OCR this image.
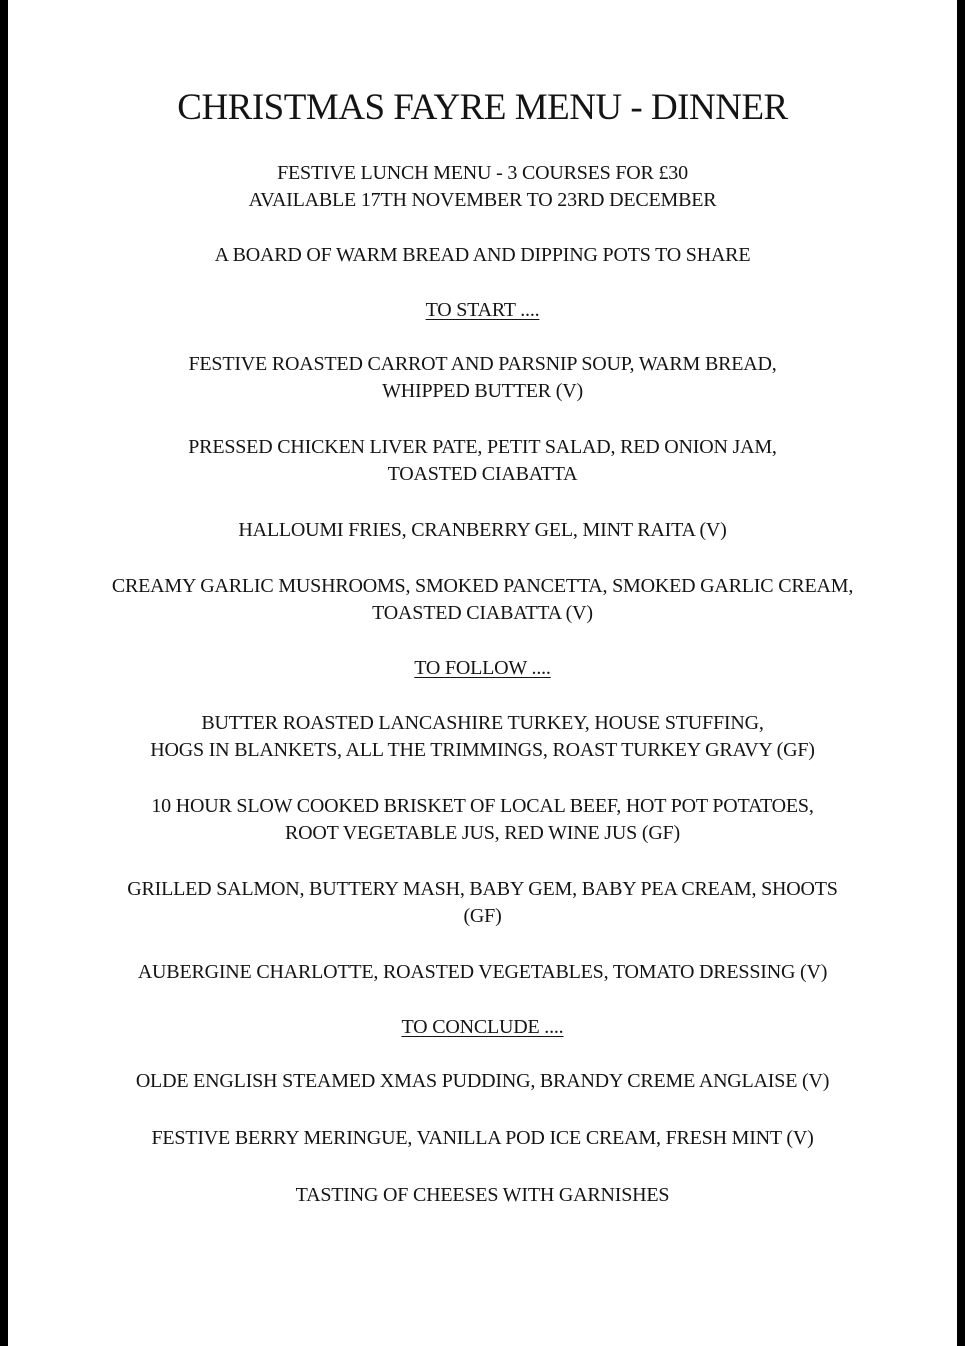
CHRISTMAS FAYRE MENU - DINNER
FESTIVE LUNCH MENU - 3 COURSES FOR £30
AVAILABLE 17TH NOVEMBER TO 23RD DECEMBER
A BOARD OF WARM BREAD AND DIPPING POTS TO SHARE
TO START ....
FESTIVE ROASTED CARROT AND PARSNIP SOUP, WARM BREAD,
WHIPPED BUTTER (V)
PRESSED CHICKEN LIVER PATE, PETIT SALAD, RED ONION JAM,
TOASTED CIABATTA
HALLOUMI FRIES, CRANBERRY GEL, MINT RAITA (V)
CREAMY GARLIC MUSHROOMS, SMOKED PANCETTA, SMOKED GARLIC CREAM,
TOASTED CIABATTA (V)
TO FOLLOW ....
BUTTER ROASTED LANCASHIRE TURKEY, HOUSE STUFFING,
HOGS IN BLANKETS, ALL THE TRIMMINGS, ROAST TURKEY GRAVY (GF)
10 HOUR SLOW COOKED BRISKET OF LOCAL BEEF, HOT POT POTATOES,
ROOT VEGETABLE JUS, RED WINE JUS (GF)
GRILLED SALMON, BUTTERY MASH, BABY GEM, BABY PEA CREAM, SHOOTS
(GF)
AUBERGINE CHARLOTTE, ROASTED VEGETABLES, TOMATO DRESSING (V)
TO CONCLUDE ....
OLDE ENGLISH STEAMED XMAS PUDDING, BRANDY CREME ANGLAISE (V)
FESTIVE BERRY MERINGUE, VANILLA POD ICE CREAM, FRESH MINT (V)
TASTING OF CHEESES WITH GARNISHES
